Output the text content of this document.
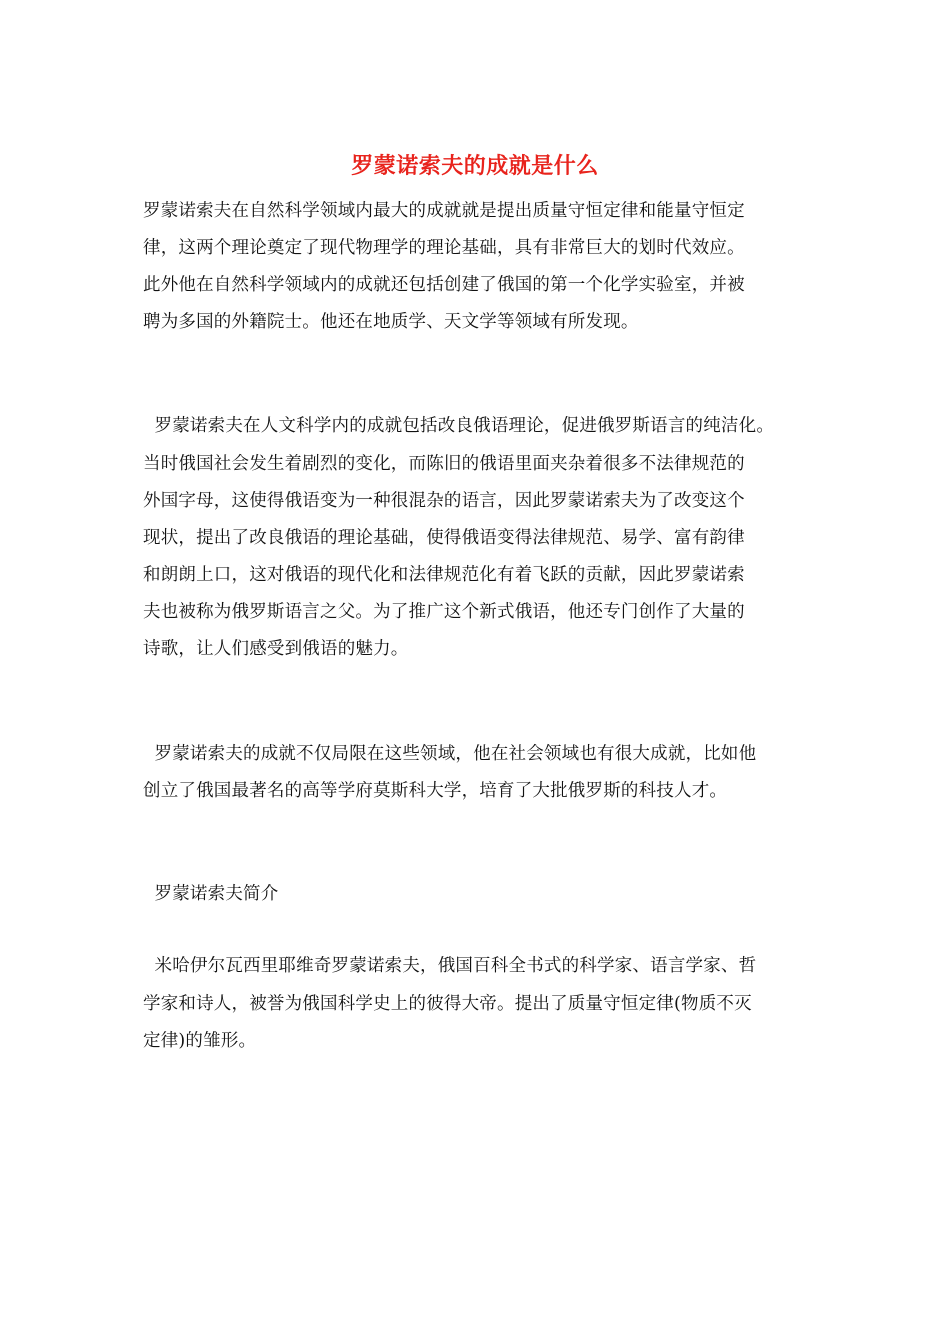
罗蒙诺索夫的成就是什么
罗蒙诺索夫在自然科学领域内最大的成就就是提出质量守恒定律和能量守恒定
律，这两个理论奠定了现代物理学的理论基础，具有非常巨大的划时代效应。
此外他在自然科学领域内的成就还包括创建了俄国的第一个化学实验室，并被
聘为多国的外籍院士。他还在地质学、天文学等领域有所发现。
罗蒙诺索夫在人文科学内的成就包括改良俄语理论，促进俄罗斯语言的纯洁化。
当时俄国社会发生着剧烈的变化，而陈旧的俄语里面夹杂着很多不法律规范的
外国字母，这使得俄语变为一种很混杂的语言，因此罗蒙诺索夫为了改变这个
现状，提出了改良俄语的理论基础，使得俄语变得法律规范、易学、富有韵律
和朗朗上口，这对俄语的现代化和法律规范化有着飞跃的贡献，因此罗蒙诺索
夫也被称为俄罗斯语言之父。为了推广这个新式俄语，他还专门创作了大量的
诗歌，让人们感受到俄语的魅力。
罗蒙诺索夫的成就不仅局限在这些领域，他在社会领域也有很大成就，比如他
创立了俄国最著名的高等学府莫斯科大学，培育了大批俄罗斯的科技人才。
罗蒙诺索夫简介
米哈伊尔瓦西里耶维奇罗蒙诺索夫，俄国百科全书式的科学家、语言学家、哲
学家和诗人，被誉为俄国科学史上的彼得大帝。提出了质量守恒定律(物质不灭
定律)的雏形。
